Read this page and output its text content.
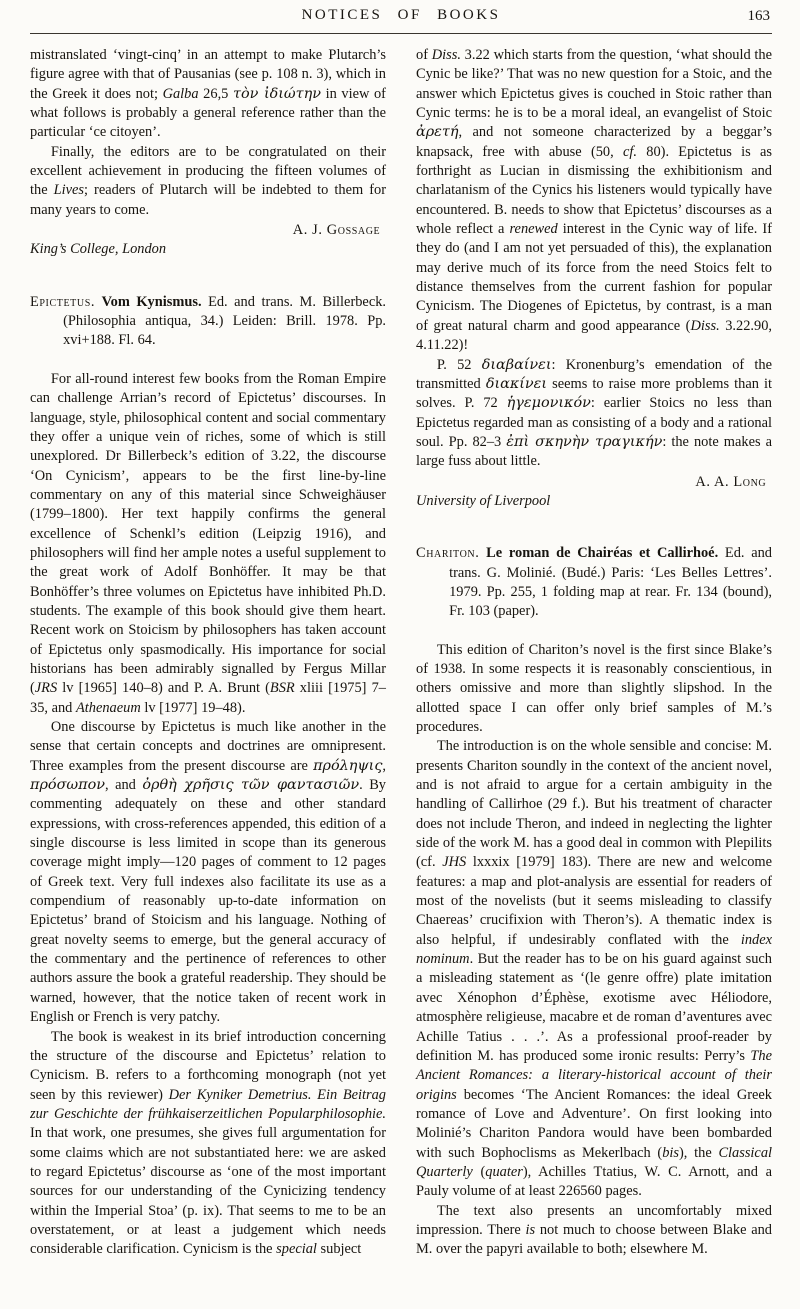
NOTICES OF BOOKS	163

mistranslated ‘vingt-cinq’ in an attempt to make Plutarch’s figure agree with that of Pausanias (see p. 108 n. 3), which in the Greek it does not; Galba 26,5 τὸν ἰδιώτην in view of what follows is probably a general reference rather than the particular ‘ce citoyen’.

Finally, the editors are to be congratulated on their excellent achievement in producing the fifteen volumes of the Lives; readers of Plutarch will be indebted to them for many years to come.

A. J. Gossage

King’s College, London

Epictetus. Vom Kynismus. Ed. and trans. M. Billerbeck. (Philosophia antiqua, 34.) Leiden: Brill. 1978. Pp. xvi+188. Fl. 64.

For all-round interest few books from the Roman Empire can challenge Arrian’s record of Epictetus’ discourses. In language, style, philosophical content and social commentary they offer a unique vein of riches, some of which is still unexplored. Dr Billerbeck’s edition of 3.22, the discourse ‘On Cynicism’, appears to be the first line-by-line commentary on any of this material since Schweighäuser (1799–1800). Her text happily confirms the general excellence of Schenkl’s edition (Leipzig 1916), and philosophers will find her ample notes a useful supplement to the great work of Adolf Bonhöffer. It may be that Bonhöffer’s three volumes on Epictetus have inhibited Ph.D. students. The example of this book should give them heart. Recent work on Stoicism by philosophers has taken account of Epictetus only spasmodically. His importance for social historians has been admirably signalled by Fergus Millar (JRS lv [1965] 140–8) and P. A. Brunt (BSR xliii [1975] 7–35, and Athenaeum lv [1977] 19–48).

One discourse by Epictetus is much like another in the sense that certain concepts and doctrines are omnipresent. Three examples from the present discourse are πρόληψις, πρόσωπον, and ὀρθὴ χρῆσις τῶν φαντασιῶν. By commenting adequately on these and other standard expressions, with cross-references appended, this edition of a single discourse is less limited in scope than its generous coverage might imply—120 pages of comment to 12 pages of Greek text. Very full indexes also facilitate its use as a compendium of reasonably up-to-date information on Epictetus’ brand of Stoicism and his language. Nothing of great novelty seems to emerge, but the general accuracy of the commentary and the pertinence of references to other authors assure the book a grateful readership. They should be warned, however, that the notice taken of recent work in English or French is very patchy.

The book is weakest in its brief introduction concerning the structure of the discourse and Epictetus’ relation to Cynicism. B. refers to a forthcoming monograph (not yet seen by this reviewer) Der Kyniker Demetrius. Ein Beitrag zur Geschichte der frühkaiserzeitlichen Popularphilosophie. In that work, one presumes, she gives full argumentation for some claims which are not substantiated here: we are asked to regard Epictetus’ discourse as ‘one of the most important sources for our understanding of the Cynicizing tendency within the Imperial Stoa’ (p. ix). That seems to me to be an overstatement, or at least a judgement which needs considerable clarification. Cynicism is the special subject

of Diss. 3.22 which starts from the question, ‘what should the Cynic be like?’ That was no new question for a Stoic, and the answer which Epictetus gives is couched in Stoic rather than Cynic terms: he is to be a moral ideal, an evangelist of Stoic ἀρετή, and not someone characterized by a beggar’s knapsack, free with abuse (50, cf. 80). Epictetus is as forthright as Lucian in dismissing the exhibitionism and charlatanism of the Cynics his listeners would typically have encountered. B. needs to show that Epictetus’ discourses as a whole reflect a renewed interest in the Cynic way of life. If they do (and I am not yet persuaded of this), the explanation may derive much of its force from the need Stoics felt to distance themselves from the current fashion for popular Cynicism. The Diogenes of Epictetus, by contrast, is a man of great natural charm and good appearance (Diss. 3.22.90, 4.11.22)!

P. 52 διαβαίνει: Kronenburg’s emendation of the transmitted διακίνει seems to raise more problems than it solves. P. 72 ἡγεμονικόν: earlier Stoics no less than Epictetus regarded man as consisting of a body and a rational soul. Pp. 82–3 ἐπὶ σκηνὴν τραγικήν: the note makes a large fuss about little.

A. A. Long

University of Liverpool

Chariton. Le roman de Chairéas et Callirhoé. Ed. and trans. G. Molinié. (Budé.) Paris: ‘Les Belles Lettres’. 1979. Pp. 255, 1 folding map at rear. Fr. 134 (bound), Fr. 103 (paper).

This edition of Chariton’s novel is the first since Blake’s of 1938. In some respects it is reasonably conscientious, in others omissive and more than slightly slipshod. In the allotted space I can offer only brief samples of M.’s procedures.

The introduction is on the whole sensible and concise: M. presents Chariton soundly in the context of the ancient novel, and is not afraid to argue for a certain ambiguity in the handling of Callirhoe (29 f.). But his treatment of character does not include Theron, and indeed in neglecting the lighter side of the work M. has a good deal in common with Plepilits (cf. JHS lxxxix [1979] 183). There are new and welcome features: a map and plot-analysis are essential for readers of most of the novelists (but it seems misleading to classify Chaereas’ crucifixion with Theron’s). A thematic index is also helpful, if undesirably conflated with the index nominum. But the reader has to be on his guard against such a misleading statement as ‘(le genre offre) plate imitation avec Xénophon d’Éphèse, exotisme avec Héliodore, atmosphère religieuse, macabre et de roman d’aventures avec Achille Tatius . . .’. As a professional proof-reader by definition M. has produced some ironic results: Perry’s The Ancient Romances: a literary-historical account of their origins becomes ‘The Ancient Romances: the ideal Greek romance of Love and Adventure’. On first looking into Molinié’s Chariton Pandora would have been bombarded with such Bophoclisms as Mekerlbach (bis), the Classical Quarterly (quater), Achilles Ttatius, W. C. Arnott, and a Pauly volume of at least 226560 pages.

The text also presents an uncomfortably mixed impression. There is not much to choose between Blake and M. over the papyri available to both; elsewhere M.
